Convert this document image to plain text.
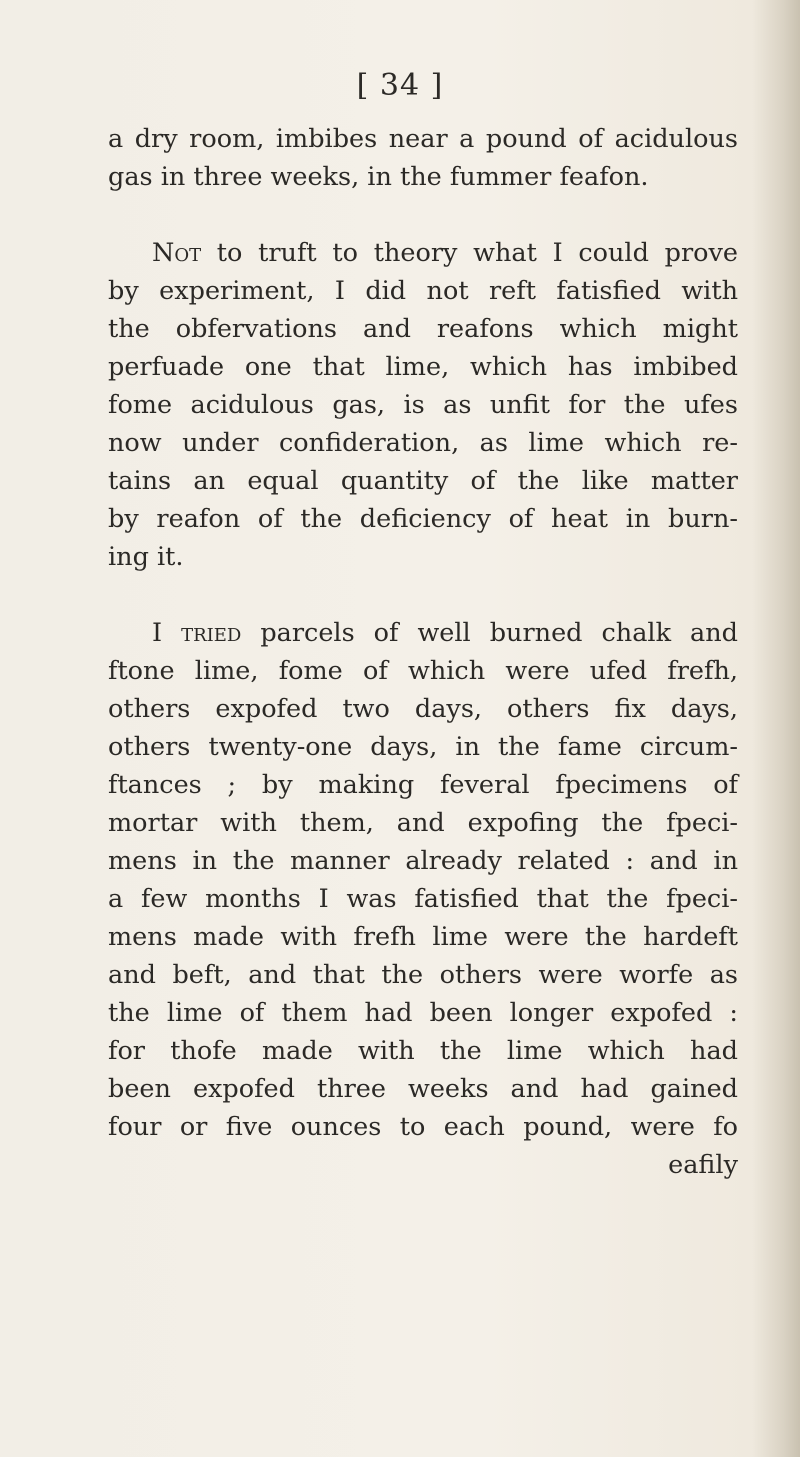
[ 34 ]
a dry room, imbibes near a pound of acidulous
gas in three weeks, in the fummer feafon.
Not to truft to theory what I could prove
by experiment, I did not reft fatisfied with
the obfervations and reafons which might
perfuade one that lime, which has imbibed
fome acidulous gas, is as unfit for the ufes
now under confideration, as lime which re-
tains an equal quantity of the like matter
by reafon of the deficiency of heat in burn-
ing it.
I tried parcels of well burned chalk and
ftone lime, fome of which were ufed frefh,
others expofed two days, others fix days,
others twenty-one days, in the fame circum-
ftances ; by making feveral fpecimens of
mortar with them, and expofing the fpeci-
mens in the manner already related : and in
a few months I was fatisfied that the fpeci-
mens made with frefh lime were the hardeft
and beft, and that the others were worfe as
the lime of them had been longer expofed :
for thofe made with the lime which had
been expofed three weeks and had gained
four or five ounces to each pound, were fo
eafily
